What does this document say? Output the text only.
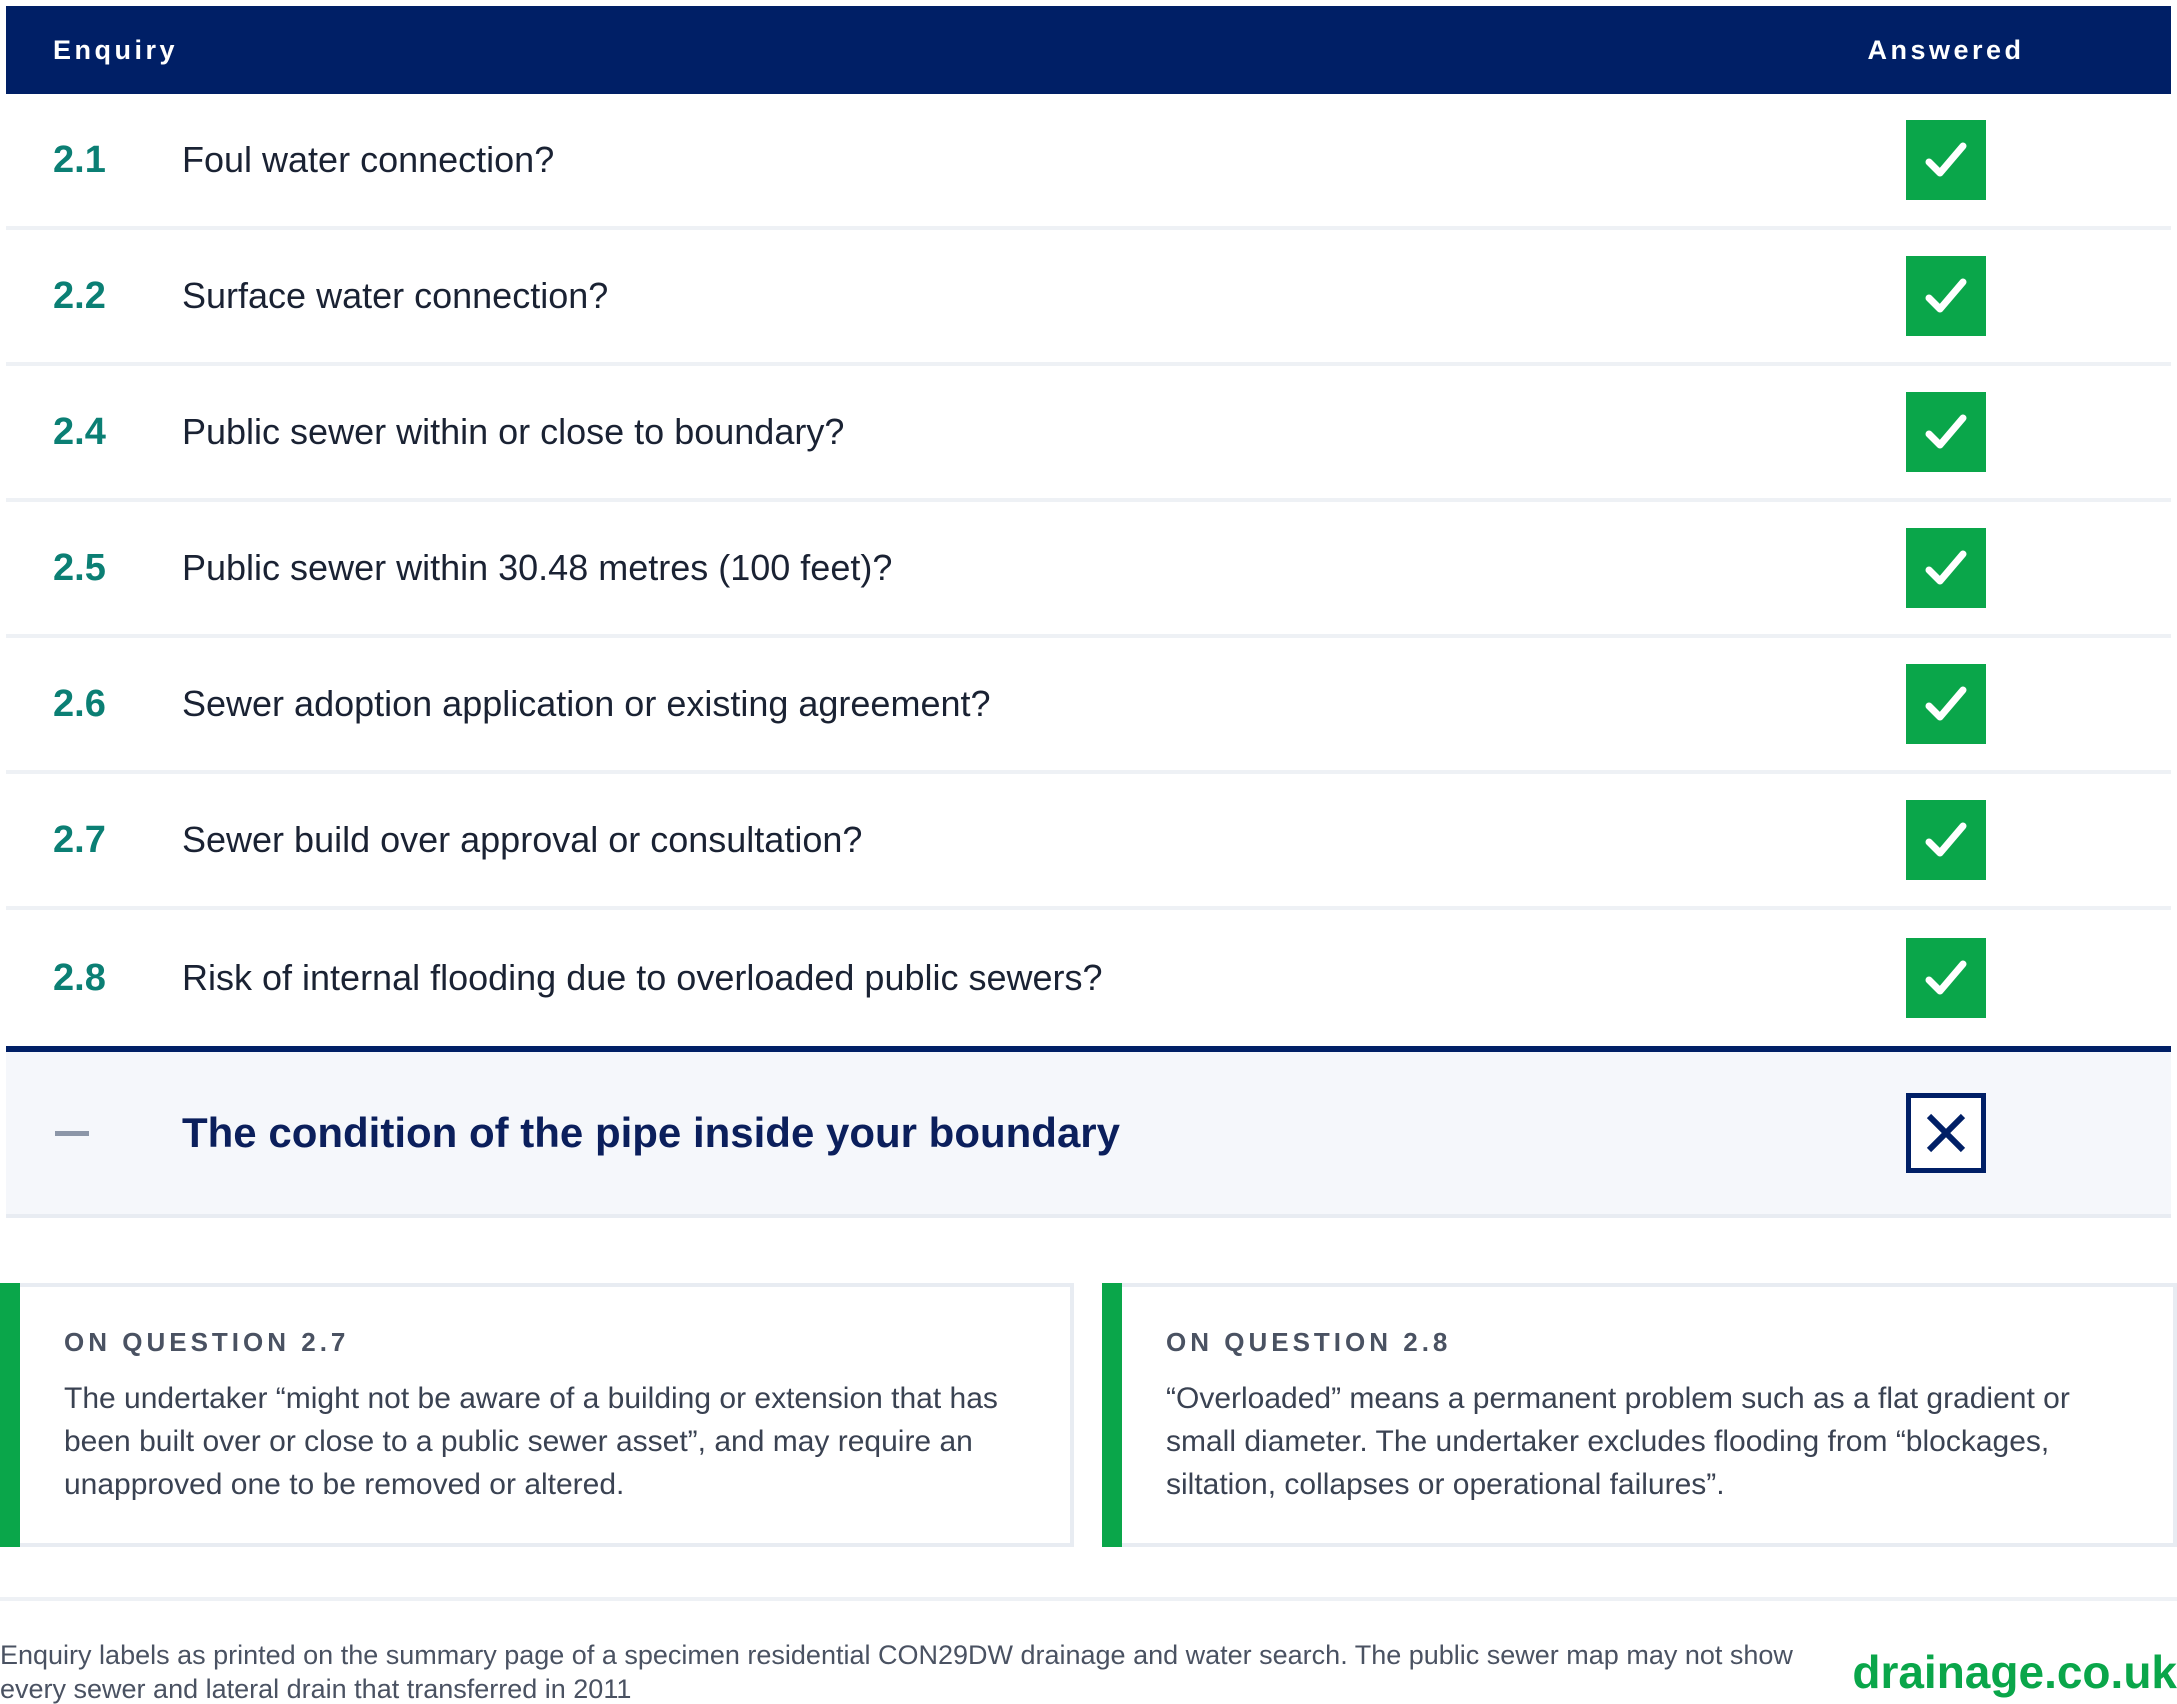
Enquiry	Answered
2.1	Foul water connection?
2.2	Surface water connection?
2.4	Public sewer within or close to boundary?
2.5	Public sewer within 30.48 metres (100 feet)?
2.6	Sewer adoption application or existing agreement?
2.7	Sewer build over approval or consultation?
2.8	Risk of internal flooding due to overloaded public sewers?
The condition of the pipe inside your boundary
ON QUESTION 2.7
The undertaker “might not be aware of a building or extension that has been built over or close to a public sewer asset”, and may require an unapproved one to be removed or altered.
ON QUESTION 2.8
“Overloaded” means a permanent problem such as a flat gradient or small diameter. The undertaker excludes flooding from “blockages, siltation, collapses or operational failures”.
Enquiry labels as printed on the summary page of a specimen residential CON29DW drainage and water search. The public sewer map may not show every sewer and lateral drain that transferred in 2011	drainage.co.uk
